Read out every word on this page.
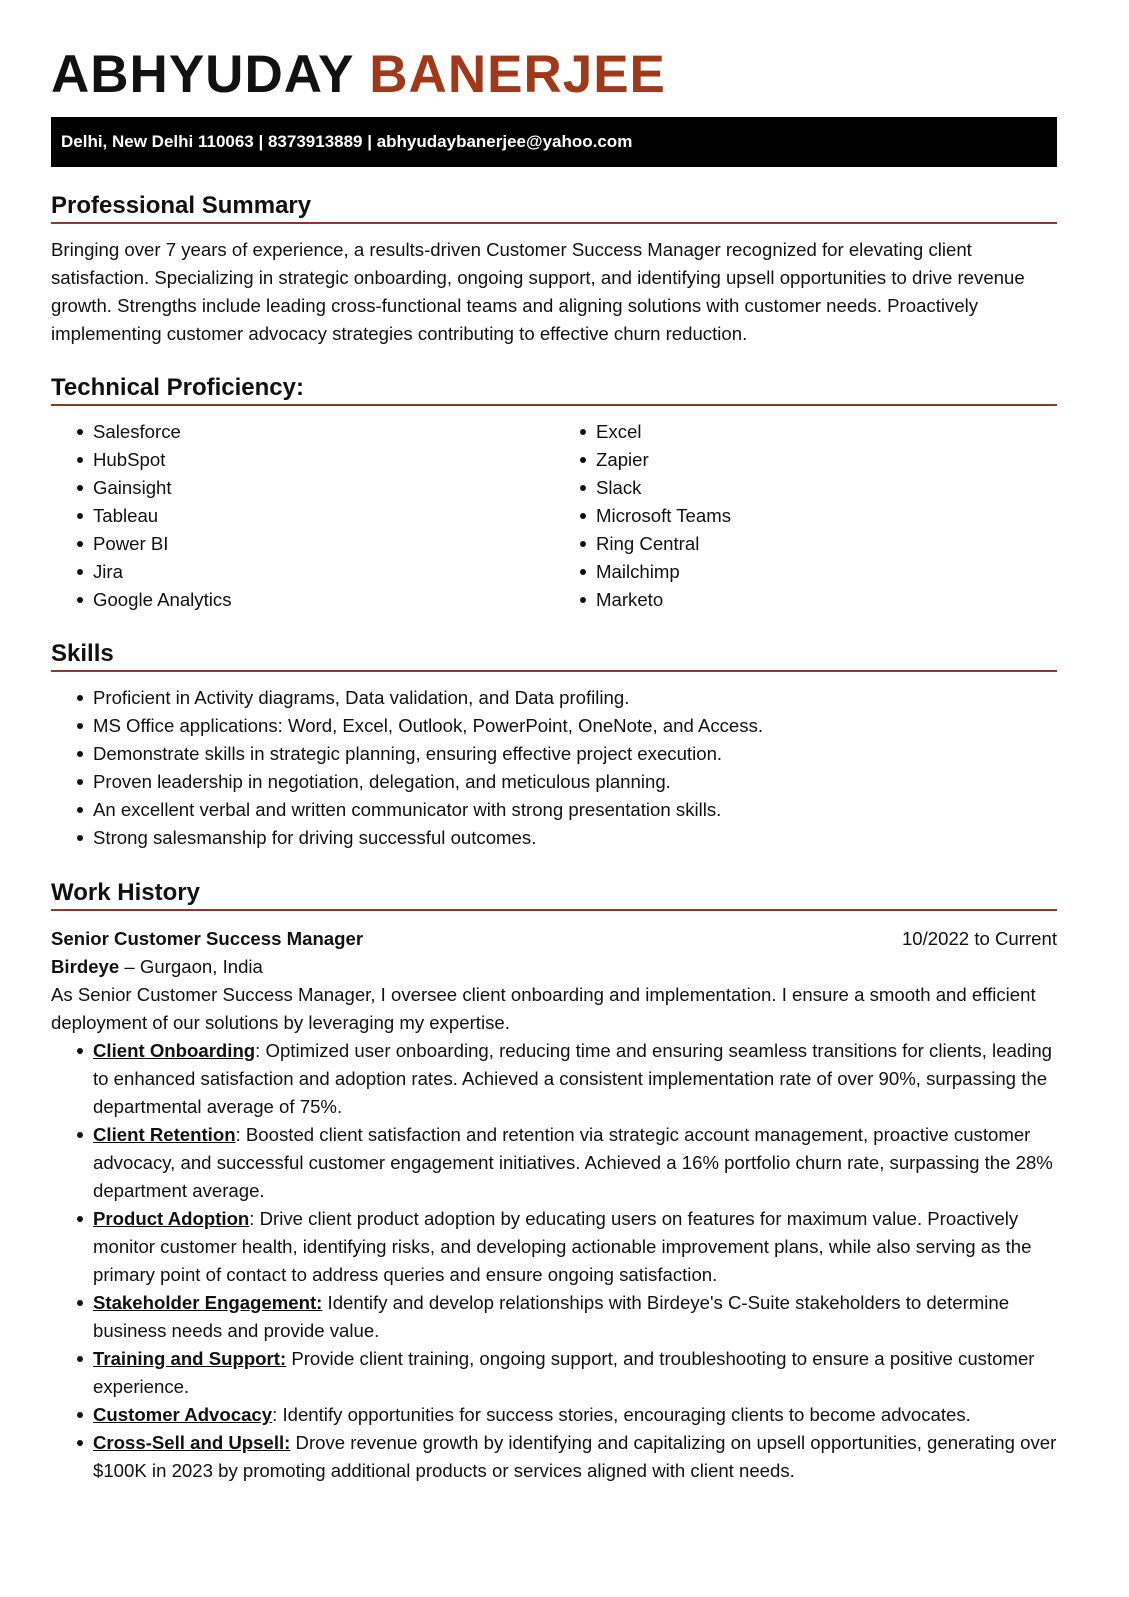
ABHYUDAY BANERJEE
Delhi, New Delhi 110063 | 8373913889 | abhyudaybanerjee@yahoo.com
Professional Summary

Bringing over 7 years of experience, a results-driven Customer Success Manager recognized for elevating client satisfaction. Specializing in strategic onboarding, ongoing support, and identifying upsell opportunities to drive revenue growth. Strengths include leading cross-functional teams and aligning solutions with customer needs. Proactively implementing customer advocacy strategies contributing to effective churn reduction.

Technical Proficiency:
Salesforce
HubSpot
Gainsight
Tableau
Power BI
Jira
Google Analytics
Excel
Zapier
Slack
Microsoft Teams
Ring Central
Mailchimp
Marketo
Skills
Proficient in Activity diagrams, Data validation, and Data profiling.
MS Office applications: Word, Excel, Outlook, PowerPoint, OneNote, and Access.
Demonstrate skills in strategic planning, ensuring effective project execution.
Proven leadership in negotiation, delegation, and meticulous planning.
An excellent verbal and written communicator with strong presentation skills.
Strong salesmanship for driving successful outcomes.
Work History
Senior Customer Success Manager	10/2022 to Current
Birdeye – Gurgaon, India

As Senior Customer Success Manager, I oversee client onboarding and implementation. I ensure a smooth and efficient deployment of our solutions by leveraging my expertise.

Client Onboarding: Optimized user onboarding, reducing time and ensuring seamless transitions for clients, leading to enhanced satisfaction and adoption rates. Achieved a consistent implementation rate of over 90%, surpassing the departmental average of 75%.
Client Retention: Boosted client satisfaction and retention via strategic account management, proactive customer advocacy, and successful customer engagement initiatives. Achieved a 16% portfolio churn rate, surpassing the 28% department average.
Product Adoption: Drive client product adoption by educating users on features for maximum value. Proactively monitor customer health, identifying risks, and developing actionable improvement plans, while also serving as the primary point of contact to address queries and ensure ongoing satisfaction.
Stakeholder Engagement: Identify and develop relationships with Birdeye's C-Suite stakeholders to determine business needs and provide value.
Training and Support: Provide client training, ongoing support, and troubleshooting to ensure a positive customer experience.
Customer Advocacy: Identify opportunities for success stories, encouraging clients to become advocates.
Cross-Sell and Upsell: Drove revenue growth by identifying and capitalizing on upsell opportunities, generating over $100K in 2023 by promoting additional products or services aligned with client needs.
